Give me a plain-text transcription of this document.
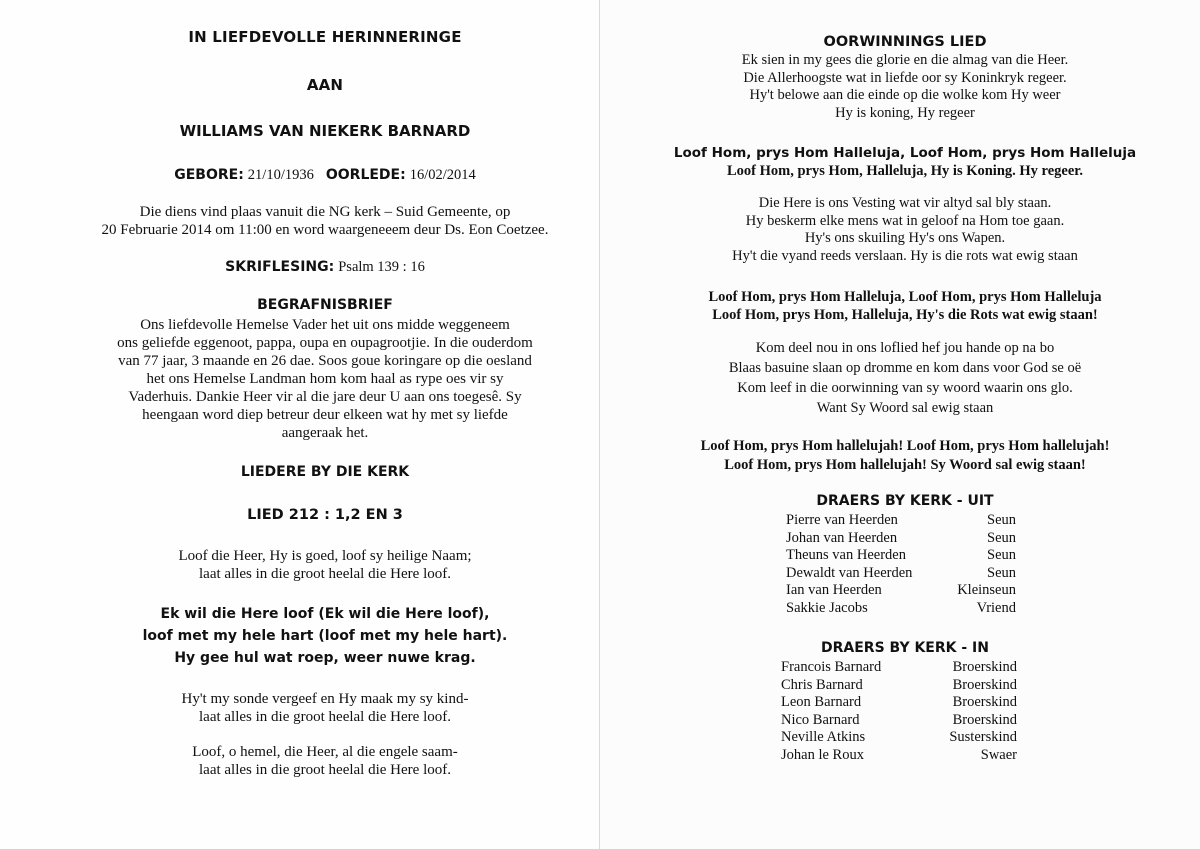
IN LIEFDEVOLLE HERINNERINGE
AAN
WILLIAMS VAN NIEKERK BARNARD
GEBORE: 21/10/1936 OORLEDE: 16/02/2014
Die diens vind plaas vanuit die NG kerk – Suid Gemeente, op
20 Februarie 2014 om 11:00 en word waargeneeem deur Ds. Eon Coetzee.
SKRIFLESING: Psalm 139 : 16
BEGRAFNISBRIEF
Ons liefdevolle Hemelse Vader het uit ons midde weggeneem
ons geliefde eggenoot, pappa, oupa en oupagrootjie. In die ouderdom
van 77 jaar, 3 maande en 26 dae. Soos goue koringare op die oesland
het ons Hemelse Landman hom kom haal as rype oes vir sy
Vaderhuis. Dankie Heer vir al die jare deur U aan ons toegesê. Sy
heengaan word diep betreur deur elkeen wat hy met sy liefde
aangeraak het.
LIEDERE BY DIE KERK
LIED 212 : 1,2 EN 3
Loof die Heer, Hy is goed, loof sy heilige Naam;
laat alles in die groot heelal die Here loof.
Ek wil die Here loof (Ek wil die Here loof),
loof met my hele hart (loof met my hele hart).
Hy gee hul wat roep, weer nuwe krag.
Hy't my sonde vergeef en Hy maak my sy kind-
laat alles in die groot heelal die Here loof.
Loof, o hemel, die Heer, al die engele saam-
laat alles in die groot heelal die Here loof.
OORWINNINGS LIED
Ek sien in my gees die glorie en die almag van die Heer.
Die Allerhoogste wat in liefde oor sy Koninkryk regeer.
Hy't belowe aan die einde op die wolke kom Hy weer
Hy is koning, Hy regeer
Loof Hom, prys Hom Halleluja, Loof Hom, prys Hom Halleluja
Loof Hom, prys Hom, Halleluja, Hy is Koning. Hy regeer.
Die Here is ons Vesting wat vir altyd sal bly staan.
Hy beskerm elke mens wat in geloof na Hom toe gaan.
Hy's ons skuiling Hy's ons Wapen.
Hy't die vyand reeds verslaan. Hy is die rots wat ewig staan
Loof Hom, prys Hom Halleluja, Loof Hom, prys Hom Halleluja
Loof Hom, prys Hom, Halleluja, Hy's die Rots wat ewig staan!
Kom deel nou in ons loflied hef jou hande op na bo
Blaas basuine slaan op dromme en kom dans voor God se oë
Kom leef in die oorwinning van sy woord waarin ons glo.
Want Sy Woord sal ewig staan
Loof Hom, prys Hom hallelujah! Loof Hom, prys Hom hallelujah!
Loof Hom, prys Hom hallelujah! Sy Woord sal ewig staan!
DRAERS BY KERK - UIT
Pierre van Heerden	Seun
Johan van Heerden	Seun
Theuns van Heerden	Seun
Dewaldt van Heerden	Seun
Ian van Heerden	Kleinseun
Sakkie Jacobs	Vriend
DRAERS BY KERK - IN
Francois Barnard	Broerskind
Chris Barnard	Broerskind
Leon Barnard	Broerskind
Nico Barnard	Broerskind
Neville Atkins	Susterskind
Johan le Roux	Swaer
